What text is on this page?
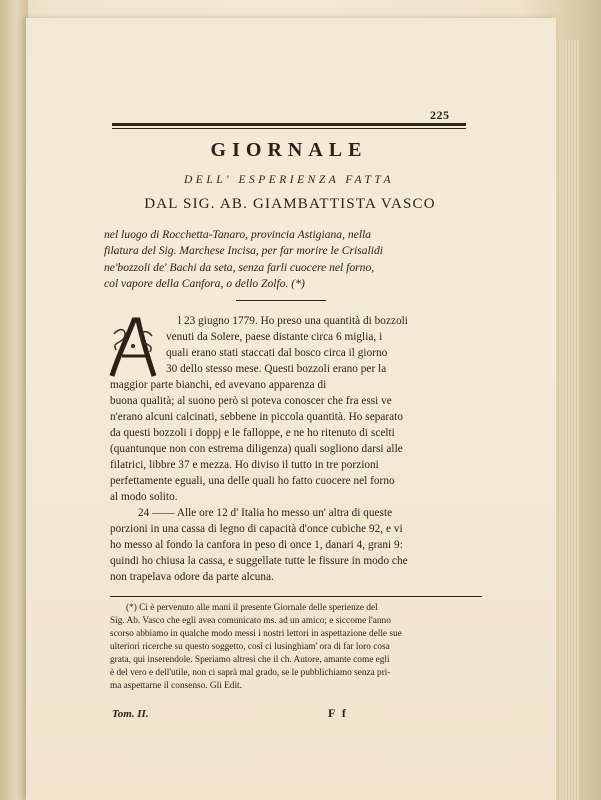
225
GIORNALE
DELL' ESPERIENZA FATTA
DAL SIG. AB. GIAMBATTISTA VASCO
nel luogo di Rocchetta-Tanaro, provincia Astigiana, nella
filatura del Sig. Marchese Incisa, per far morire le Crisalidi
ne'bozzoli de' Bachi da seta, senza farli cuocere nel forno,
col vapore della Canfora, o dello Zolfo. (*)
l 23 giugno 1779. Ho preso una quantità di bozzoli
venuti da Solere, paese distante circa 6 miglia, i
quali erano stati staccati dal bosco circa il giorno
30 dello stesso mese. Questi bozzoli erano per la
maggior parte bianchi, ed avevano apparenza di
buona qualità; al suono però si poteva conoscer che fra essi ve
n'erano alcuni calcinati, sebbene in piccola quantità. Ho separato
da questi bozzoli i doppj e le falloppe, e ne ho ritenuto di scelti
(quantunque non con estrema diligenza) quali sogliono darsi alle
filatrici, libbre 37 e mezza. Ho diviso il tutto in tre porzioni
perfettamente eguali, una delle quali ho fatto cuocere nel forno
al modo solito.
24 —— Alle ore 12 d' Italia ho messo un' altra di queste
porzioni in una cassa di legno di capacità d'once cubiche 92, e vi
ho messo al fondo la canfora in peso di once 1, danari 4, grani 9:
quindi ho chiusa la cassa, e suggellate tutte le fissure in modo che
non trapelava odore da parte alcuna.
(*) Ci è pervenuto alle mani il presente Giornale delle sperienze del
Sig. Ab. Vasco che egli avea comunicato ms. ad un amico; e siccome l'anno
scorso abbiamo in qualche modo messi i nostri lettori in aspettazione delle sue
ulteriori ricerche su questo soggetto, così ci lusinghiam' ora di far loro cosa
grata, qui inserendole. Speriamo altresì che il ch. Autore, amante come egli
è del vero e dell'utile, non ci saprà mal grado, se le pubblichiamo senza pri-
ma aspettarne il consenso. Gli Edit.
Tom. II.	F f
